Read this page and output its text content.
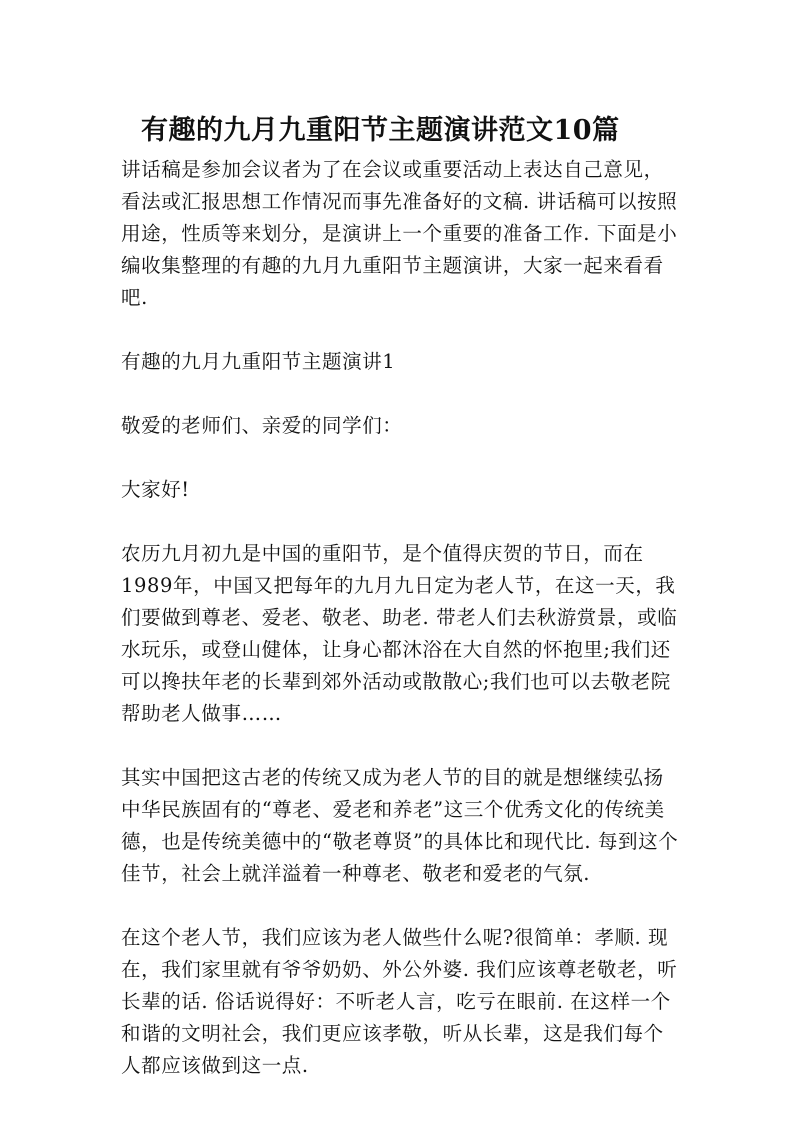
有趣的九月九重阳节主题演讲范文10篇

讲话稿是参加会议者为了在会议或重要活动上表达自己意见，看法或汇报思想工作情况而事先准备好的文稿. 讲话稿可以按照用途，性质等来划分，是演讲上一个重要的准备工作. 下面是小编收集整理的有趣的九月九重阳节主题演讲，大家一起来看看吧.

有趣的九月九重阳节主题演讲1

敬爱的老师们、亲爱的同学们：

大家好!

农历九月初九是中国的重阳节，是个值得庆贺的节日，而在1989年，中国又把每年的九月九日定为老人节，在这一天，我们要做到尊老、爱老、敬老、助老. 带老人们去秋游赏景，或临水玩乐，或登山健体，让身心都沐浴在大自然的怀抱里;我们还可以搀扶年老的长辈到郊外活动或散散心;我们也可以去敬老院帮助老人做事……

其实中国把这古老的传统又成为老人节的目的就是想继续弘扬中华民族固有的“尊老、爱老和养老”这三个优秀文化的传统美德，也是传统美德中的“敬老尊贤”的具体比和现代比. 每到这个佳节，社会上就洋溢着一种尊老、敬老和爱老的气氛.

在这个老人节，我们应该为老人做些什么呢?很简单：孝顺. 现在，我们家里就有爷爷奶奶、外公外婆. 我们应该尊老敬老，听长辈的话. 俗话说得好：不听老人言，吃亏在眼前. 在这样一个和谐的文明社会，我们更应该孝敬，听从长辈，这是我们每个人都应该做到这一点.
